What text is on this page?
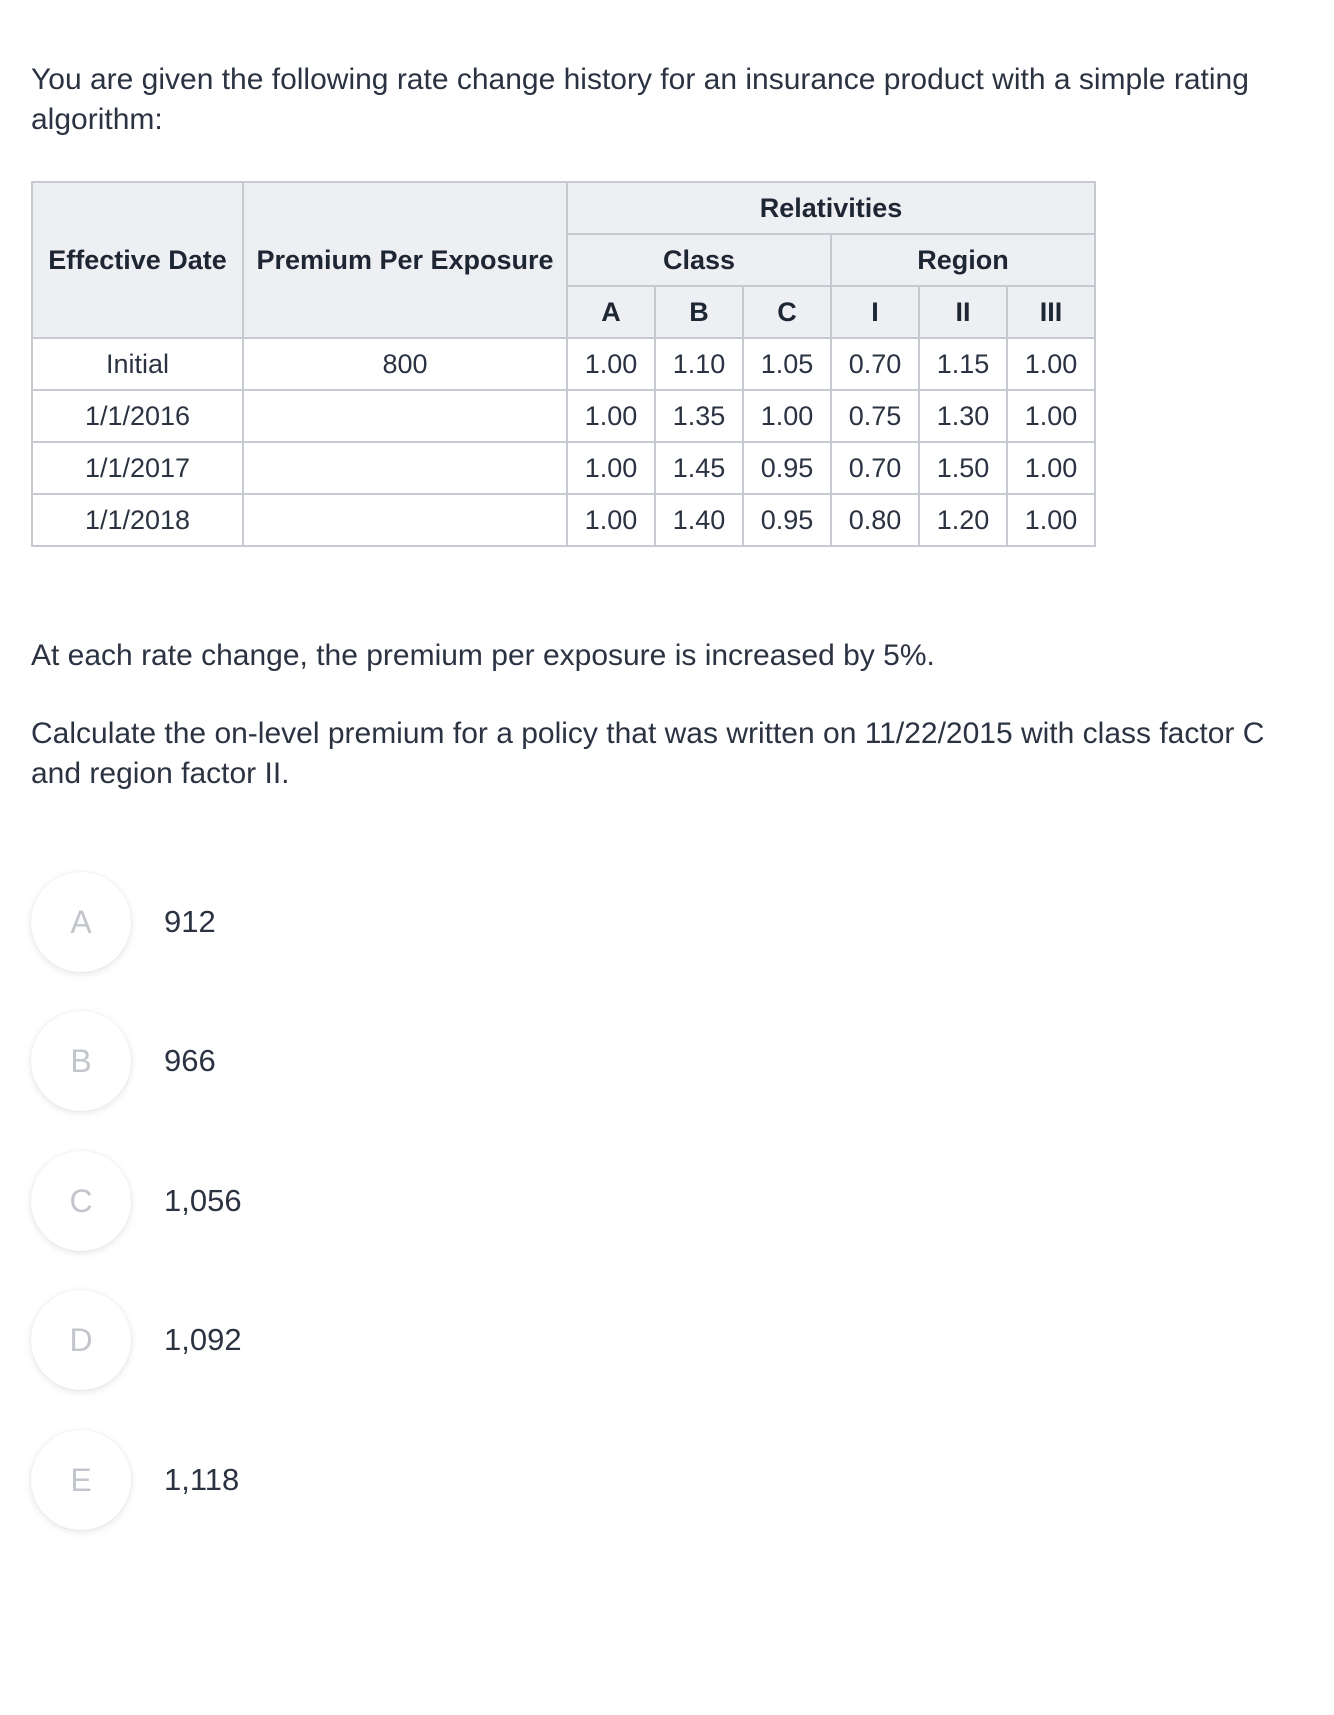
You are given the following rate change history for an insurance product with a simple rating algorithm:

Effective Date	Premium Per Exposure	Relativities					
		Class			Region		
		A	B	C	I	II	III
Initial	800	1.00	1.10	1.05	0.70	1.15	1.00
1/1/2016		1.00	1.35	1.00	0.75	1.30	1.00
1/1/2017		1.00	1.45	0.95	0.70	1.50	1.00
1/1/2018		1.00	1.40	0.95	0.80	1.20	1.00

At each rate change, the premium per exposure is increased by 5%.

Calculate the on-level premium for a policy that was written on 11/22/2015 with class factor C and region factor II.

A	912
B	966
C	1,056
D	1,092
E	1,118
